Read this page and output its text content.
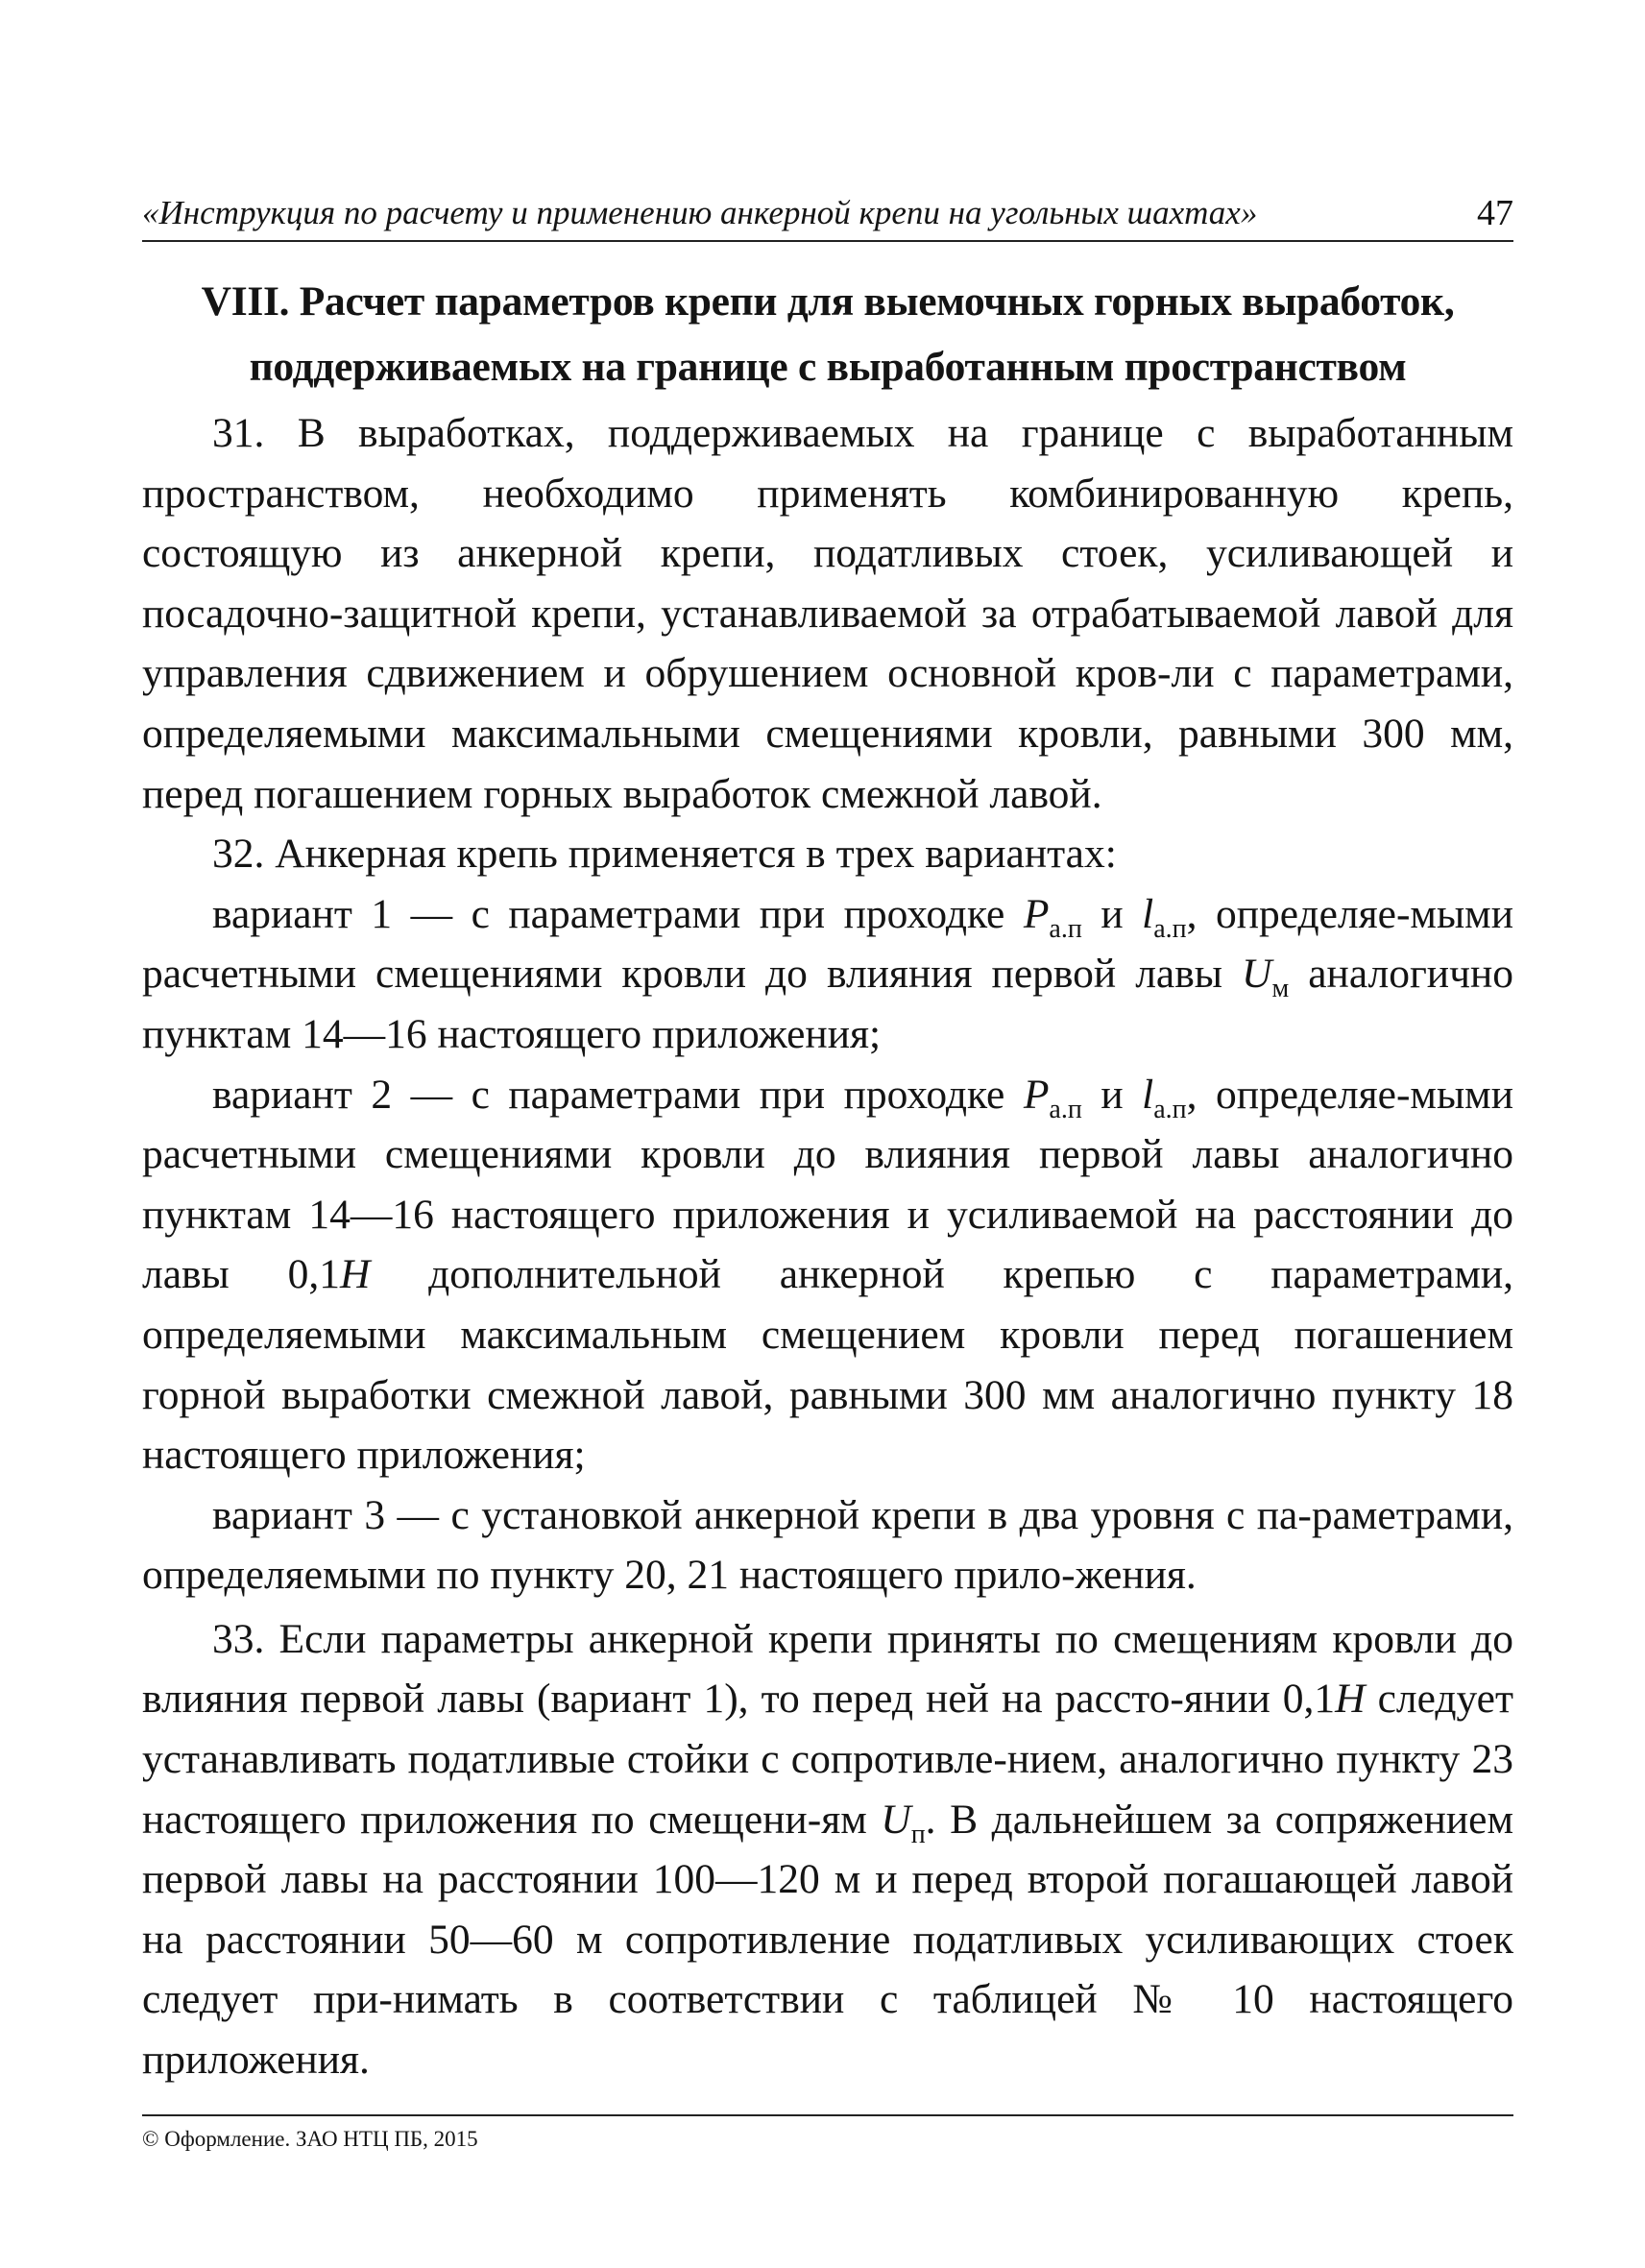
«Инструкция по расчету и применению анкерной крепи на угольных шахтах»	47
VIII. Расчет параметров крепи для выемочных горных выработок,
поддерживаемых на границе с выработанным пространством

31. В выработках, поддерживаемых на границе с выработанным пространством, необходимо применять комбинированную крепь, состоящую из анкерной крепи, податливых стоек, усиливающей и посадочно-защитной крепи, устанавливаемой за отрабатываемой лавой для управления сдвижением и обрушением основной кров-ли с параметрами, определяемыми максимальными смещениями кровли, равными 300 мм, перед погашением горных выработок смежной лавой.

32. Анкерная крепь применяется в трех вариантах:

вариант 1 — с параметрами при проходке $P_{а.п}$ и $l_{а.п}$, определяе-мыми расчетными смещениями кровли до влияния первой лавы $U_м$ аналогично пунктам 14—16 настоящего приложения;

вариант 2 — с параметрами при проходке $P_{а.п}$ и $l_{а.п}$, определяе-мыми расчетными смещениями кровли до влияния первой лавы аналогично пунктам 14—16 настоящего приложения и усиливаемой на расстоянии до лавы 0,1H дополнительной анкерной крепью с параметрами, определяемыми максимальным смещением кровли перед погашением горной выработки смежной лавой, равными 300 мм аналогично пункту 18 настоящего приложения;

вариант 3 — с установкой анкерной крепи в два уровня с па-раметрами, определяемыми по пункту 20, 21 настоящего прило-жения.

33. Если параметры анкерной крепи приняты по смещениям кровли до влияния первой лавы (вариант 1), то перед ней на рассто-янии 0,1H следует устанавливать податливые стойки с сопротивле-нием, аналогично пункту 23 настоящего приложения по смещени-ям $U_п$. В дальнейшем за сопряжением первой лавы на расстоянии 100—120 м и перед второй погашающей лавой на расстоянии 50—60 м сопротивление податливых усиливающих стоек следует при-нимать в соответствии с таблицей № 10 настоящего приложения.

© Оформление. ЗАО НТЦ ПБ, 2015
